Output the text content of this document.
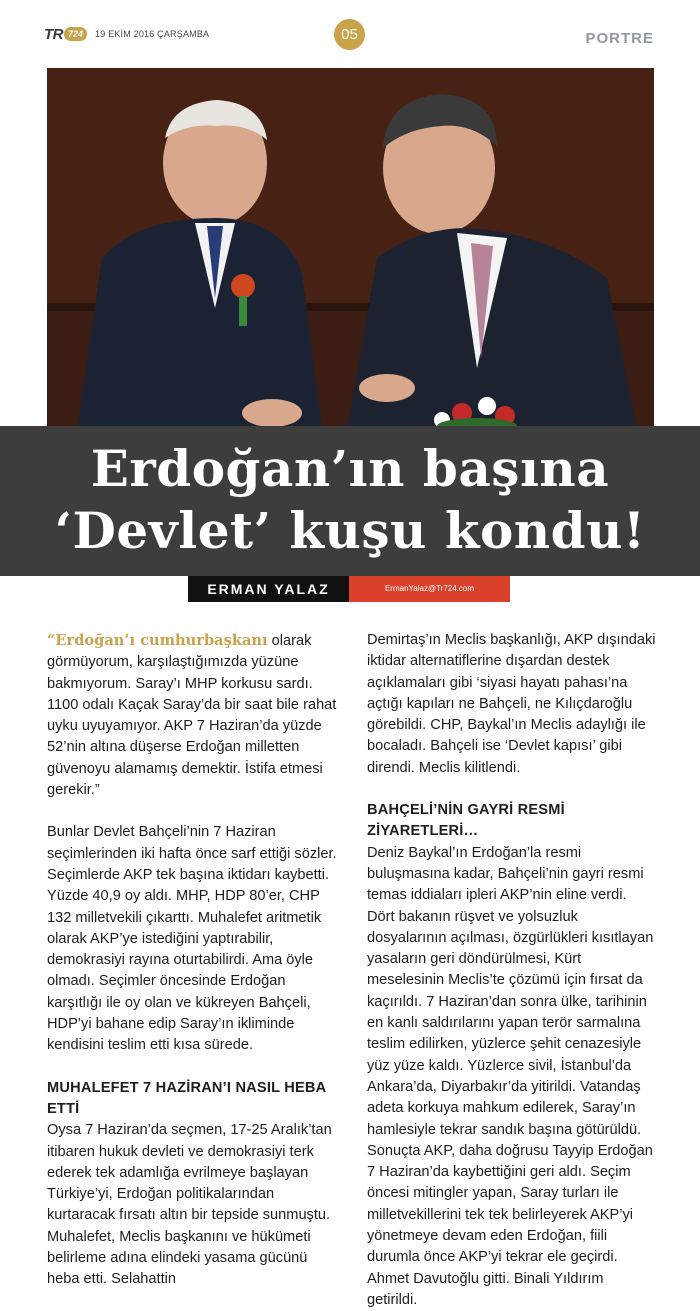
TR 724	19 EKİM 2016 ÇARŞAMBA	05	PORTRE
Erdoğan’ın başına
‘Devlet’ kuşu kondu!
ERMAN YALAZ	ErmanYalaz@Tr724.com

“Erdoğan’ı cumhurbaşkanı olarak görmüyorum, karşılaştığımızda yüzüne bakmıyorum. Saray’ı MHP korkusu sardı. 1100 odalı Kaçak Saray’da bir saat bile rahat uyku uyuyamıyor. AKP 7 Haziran’da yüzde 52’nin altına düşerse Erdoğan milletten güvenoyu alamamış demektir. İstifa etmesi gerekir.”

Bunlar Devlet Bahçeli’nin 7 Haziran seçimlerinden iki hafta önce sarf ettiği sözler. Seçimlerde AKP tek başına iktidarı kaybetti. Yüzde 40,9 oy aldı. MHP, HDP 80’er, CHP 132 milletvekili çıkarttı. Muhalefet aritmetik olarak AKP’ye istediğini yaptırabilir, demokrasiyi rayına oturtabilirdi. Ama öyle olmadı. Seçimler öncesinde Erdoğan karşıtlığı ile oy olan ve kükreyen Bahçeli, HDP’yi bahane edip Saray’ın ikliminde kendisini teslim etti kısa sürede.

MUHALEFET 7 HAZİRAN’I NASIL HEBA ETTİ

Oysa 7 Haziran’da seçmen, 17-25 Aralık’tan itibaren hukuk devleti ve demokrasiyi terk ederek tek adamlığa evrilmeye başlayan Türkiye’yi, Erdoğan politikalarından kurtaracak fırsatı altın bir tepside sunmuştu. Muhalefet, Meclis başkanını ve hükümeti belirleme adına elindeki yasama gücünü heba etti. Selahattin

Demirtaş’ın Meclis başkanlığı, AKP dışındaki iktidar alternatiflerine dışardan destek açıklamaları gibi ‘siyasi hayatı pahası’na açtığı kapıları ne Bahçeli, ne Kılıçdaroğlu görebildi. CHP, Baykal’ın Meclis adaylığı ile bocaladı. Bahçeli ise ‘Devlet kapısı’ gibi direndi. Meclis kilitlendi.

BAHÇELİ’NİN GAYRİ RESMİ ZİYARETLERİ…

Deniz Baykal’ın Erdoğan’la resmi buluşmasına kadar, Bahçeli’nin gayri resmi temas iddiaları ipleri AKP’nin eline verdi. Dört bakanın rüşvet ve yolsuzluk dosyalarının açılması, özgürlükleri kısıtlayan yasaların geri döndürülmesi, Kürt meselesinin Meclis’te çözümü için fırsat da kaçırıldı. 7 Haziran’dan sonra ülke, tarihinin en kanlı saldırılarını yapan terör sarmalına teslim edilirken, yüzlerce şehit cenazesiyle yüz yüze kaldı. Yüzlerce sivil, İstanbul’da Ankara’da, Diyarbakır’da yitirildi. Vatandaş adeta korkuya mahkum edilerek, Saray’ın hamlesiyle tekrar sandık başına götürüldü. Sonuçta AKP, daha doğrusu Tayyip Erdoğan 7 Haziran’da kaybettiğini geri aldı. Seçim öncesi mitingler yapan, Saray turları ile milletvekillerini tek tek belirleyerek AKP’yi yönetmeye devam eden Erdoğan, fiili durumla önce AKP’yi tekrar ele geçirdi. Ahmet Davutoğlu gitti. Binali Yıldırım getirildi.
